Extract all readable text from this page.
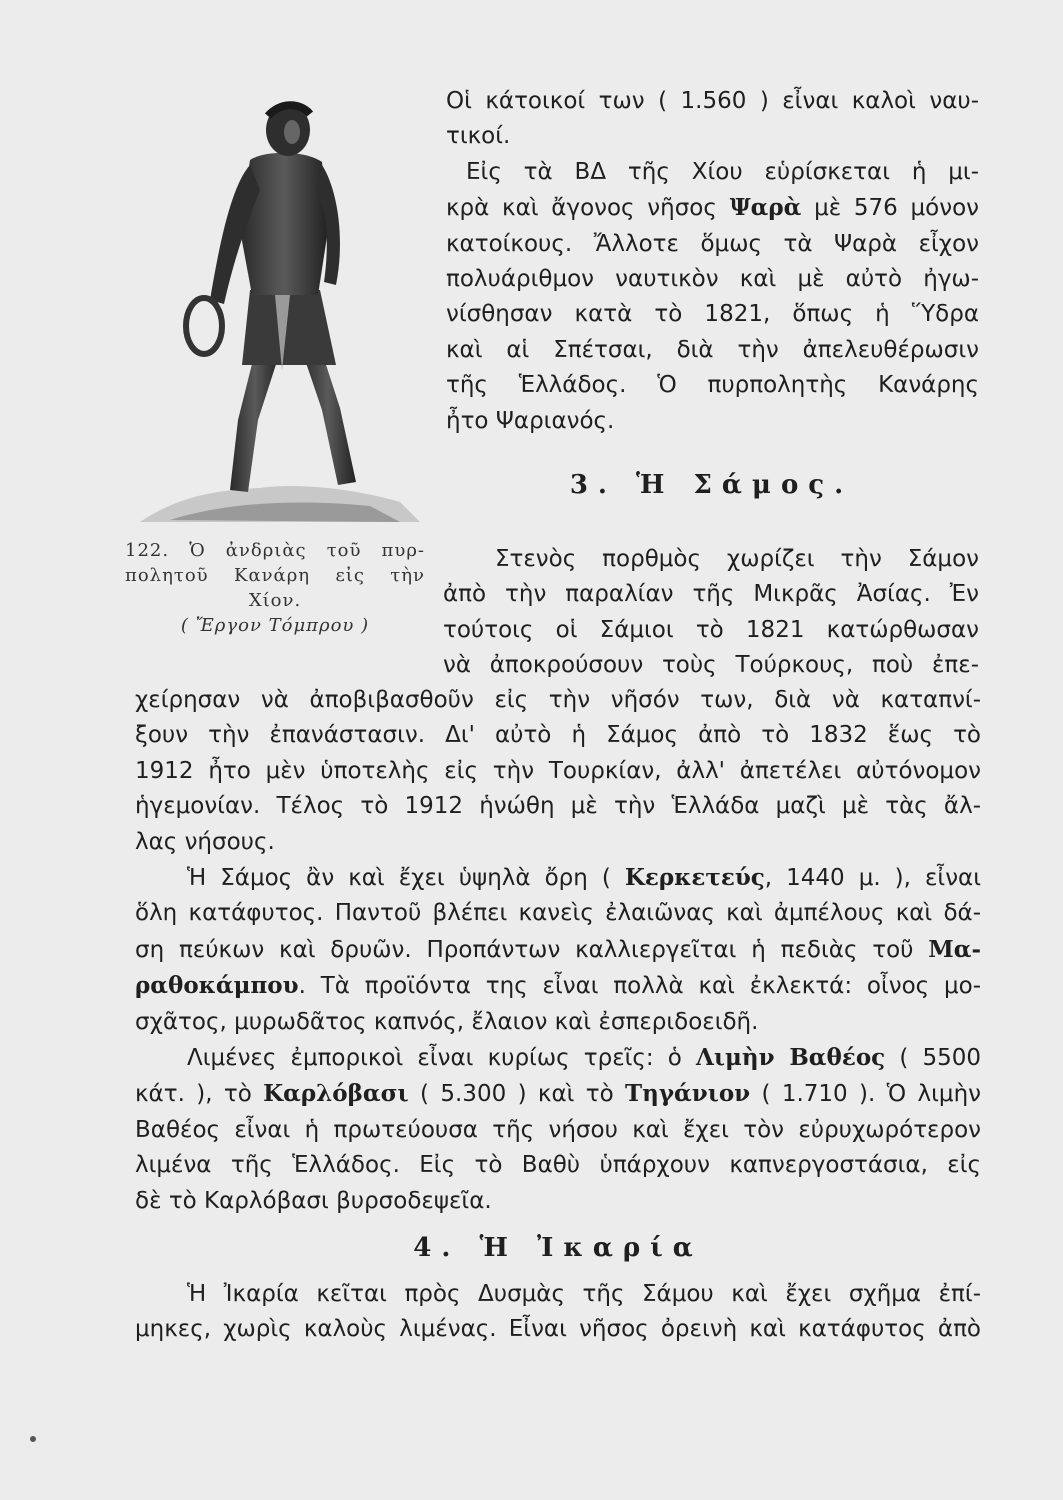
122. Ὁ ἀνδριὰς τοῦ πυρ-
πολητοῦ Κανάρη εἰς τὴν
Χίον.
( Ἔργον Τόμπρου )
Οἱ κάτοικοί των ( 1.560 ) εἶναι καλοὶ ναυ-
τικοί.
Εἰς τὰ ΒΔ τῆς Χίου εὑρίσκεται ἡ μι-
κρὰ καὶ ἄγονος νῆσος Ψαρὰ μὲ 576 μόνον
κατοίκους. Ἄλλοτε ὅμως τὰ Ψαρὰ εἶχον
πολυάριθμον ναυτικὸν καὶ μὲ αὐτὸ ἠγω-
νίσθησαν κατὰ τὸ 1821, ὅπως ἡ Ὕδρα
καὶ αἱ Σπέτσαι, διὰ τὴν ἀπελευθέρωσιν
τῆς Ἑλλάδος. Ὁ πυρπολητὴς Κανάρης
ἦτο Ψαριανός.
3. Ἡ Σάμος.
Στενὸς πορθμὸς χωρίζει τὴν Σάμον
ἀπὸ τὴν παραλίαν τῆς Μικρᾶς Ἀσίας. Ἐν
τούτοις οἱ Σάμιοι τὸ 1821 κατώρθωσαν
νὰ ἀποκρούσουν τοὺς Τούρκους, ποὺ ἐπε-
χείρησαν νὰ ἀποβιβασθοῦν εἰς τὴν νῆσόν των, διὰ νὰ καταπνί-
ξουν τὴν ἐπανάστασιν. Δι' αὐτὸ ἡ Σάμος ἀπὸ τὸ 1832 ἕως τὸ
1912 ἦτο μὲν ὑποτελὴς εἰς τὴν Τουρκίαν, ἀλλ' ἀπετέλει αὐτόνομον
ἡγεμονίαν. Τέλος τὸ 1912 ἡνώθη μὲ τὴν Ἑλλάδα μαζὶ μὲ τὰς ἄλ-
λας νήσους.
Ἡ Σάμος ἂν καὶ ἔχει ὑψηλὰ ὄρη ( Κερκετεύς, 1440 μ. ), εἶναι
ὅλη κατάφυτος. Παντοῦ βλέπει κανεὶς ἐλαιῶνας καὶ ἀμπέλους καὶ δά-
ση πεύκων καὶ δρυῶν. Προπάντων καλλιεργεῖται ἡ πεδιὰς τοῦ Μα-
ραθοκάμπου. Τὰ προϊόντα της εἶναι πολλὰ καὶ ἐκλεκτά: οἶνος μο-
σχᾶτος, μυρωδᾶτος καπνός, ἔλαιον καὶ ἐσπεριδοειδῆ.
Λιμένες ἐμπορικοὶ εἶναι κυρίως τρεῖς: ὁ Λιμὴν Βαθέος ( 5500
κάτ. ), τὸ Καρλόβασι ( 5.300 ) καὶ τὸ Τηγάνιον ( 1.710 ). Ὁ λιμὴν
Βαθέος εἶναι ἡ πρωτεύουσα τῆς νήσου καὶ ἔχει τὸν εὐρυχωρότερον
λιμένα τῆς Ἑλλάδος. Εἰς τὸ Βαθὺ ὑπάρχουν καπνεργοστάσια, εἰς
δὲ τὸ Καρλόβασι βυρσοδεψεῖα.
4. Ἡ Ἰκαρία
Ἡ Ἰκαρία κεῖται πρὸς Δυσμὰς τῆς Σάμου καὶ ἔχει σχῆμα ἐπί-
μηκες, χωρὶς καλοὺς λιμένας. Εἶναι νῆσος ὀρεινὴ καὶ κατάφυτος ἀπὸ
